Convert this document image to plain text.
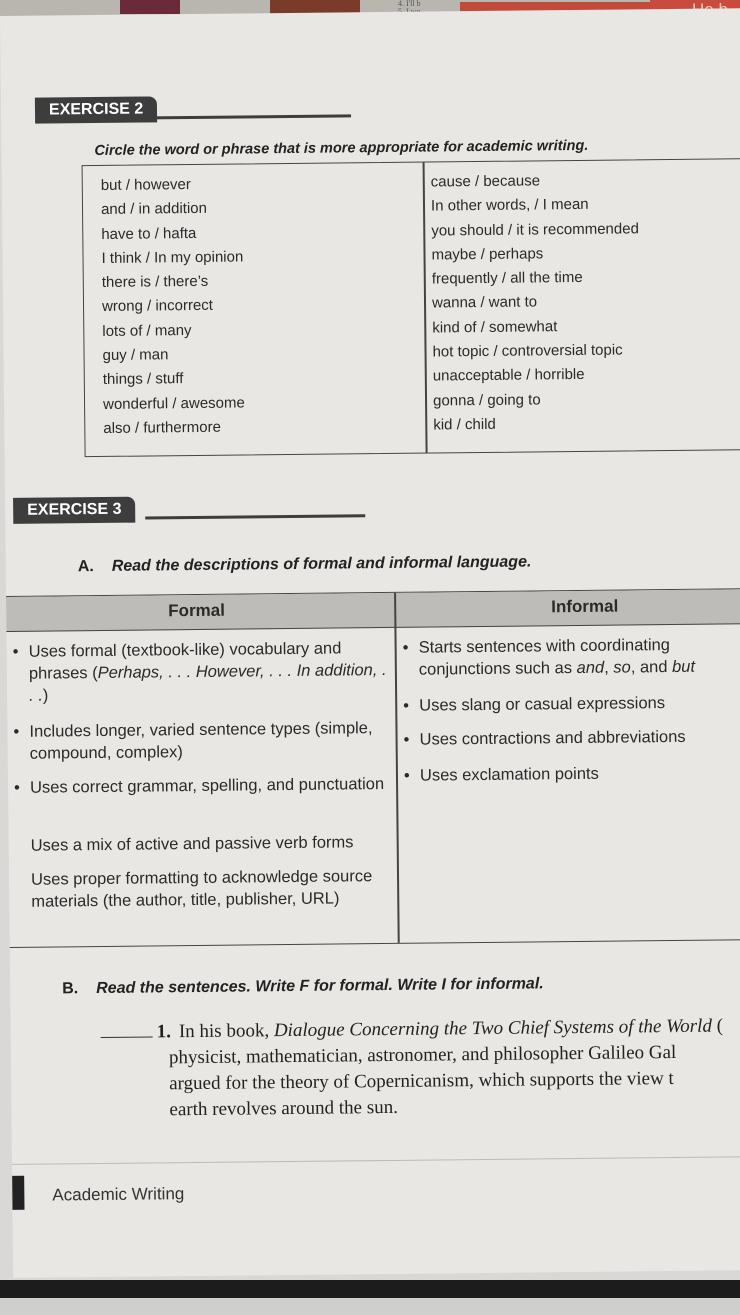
4. I'll b
EXERCISE 2
Circle the word or phrase that is more appropriate for academic writing.
but / however
and / in addition
have to / hafta
I think / In my opinion
there is / there’s
wrong / incorrect
lots of / many
guy / man
things / stuff
wonderful / awesome
also / furthermore
cause / because
In other words, / I mean
you should / it is recommended
maybe / perhaps
frequently / all the time
wanna / want to
kind of / somewhat
hot topic / controversial topic
unacceptable / horrible
gonna / going to
kid / child
EXERCISE 3
A. Read the descriptions of formal and informal language.
Formal	Informal
• Uses formal (textbook-like) vocabulary and phrases (Perhaps, . . . However, . . . In addition, . . .)
• Includes longer, varied sentence types (simple, compound, complex)
• Uses correct grammar, spelling, and punctuation
Uses a mix of active and passive verb forms
Uses proper formatting to acknowledge source materials (the author, title, publisher, URL)
• Starts sentences with coordinating conjunctions such as and, so, and but
• Uses slang or casual expressions
• Uses contractions and abbreviations
• Uses exclamation points
B. Read the sentences. Write F for formal. Write I for informal.
1. In his book, Dialogue Concerning the Two Chief Systems of the World (
physicist, mathematician, astronomer, and philosopher Galileo Gal
argued for the theory of Copernicanism, which supports the view t
earth revolves around the sun.
Academic Writing
